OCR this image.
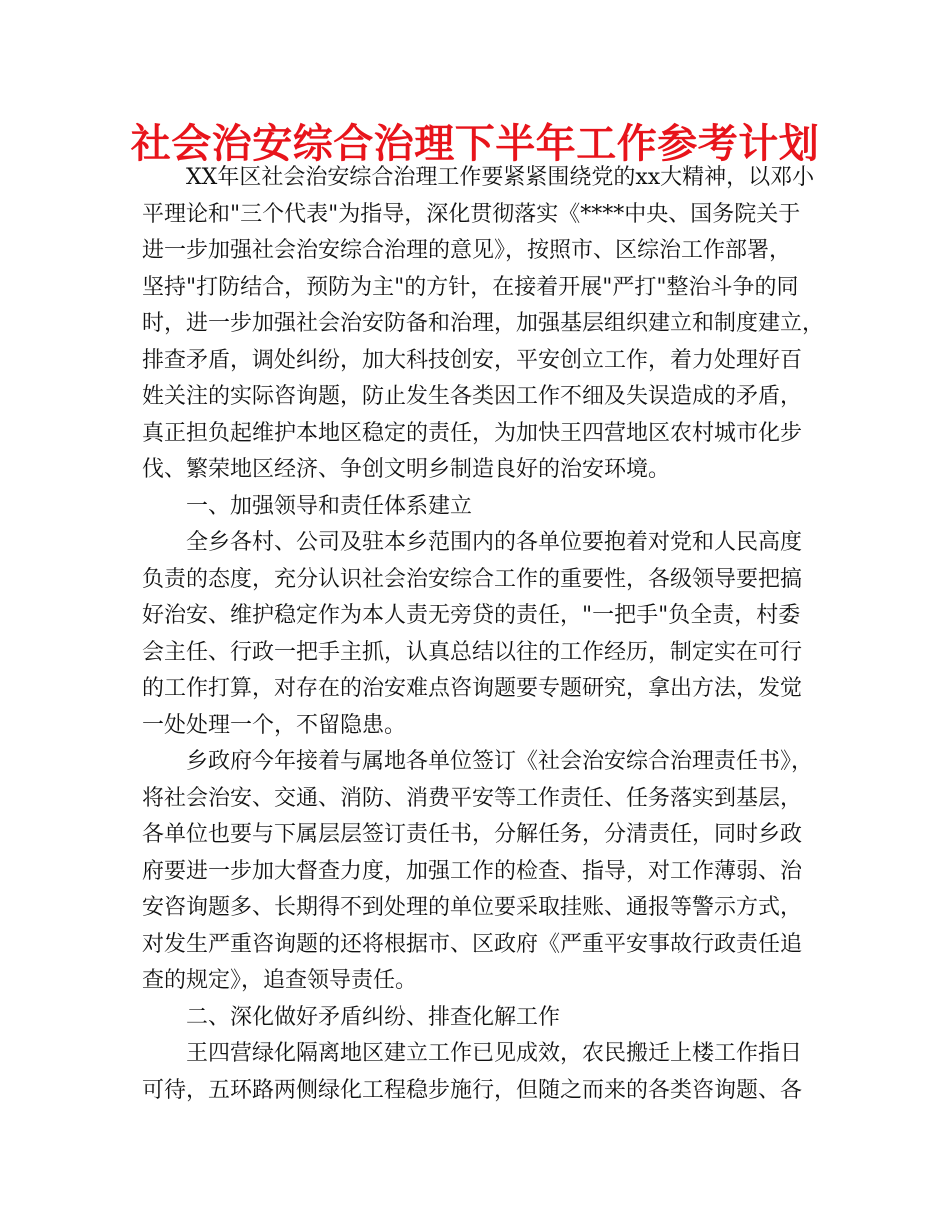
社会治安综合治理下半年工作参考计划
XX年区社会治安综合治理工作要紧紧围绕党的xx大精神，以邓小
平理论和"三个代表"为指导，深化贯彻落实《****中央、国务院关于
进一步加强社会治安综合治理的意见》，按照市、区综治工作部署，
坚持"打防结合，预防为主"的方针，在接着开展"严打"整治斗争的同
时，进一步加强社会治安防备和治理，加强基层组织建立和制度建立，
排查矛盾，调处纠纷，加大科技创安，平安创立工作，着力处理好百
姓关注的实际咨询题，防止发生各类因工作不细及失误造成的矛盾，
真正担负起维护本地区稳定的责任，为加快王四营地区农村城市化步
伐、繁荣地区经济、争创文明乡制造良好的治安环境。
一、加强领导和责任体系建立
全乡各村、公司及驻本乡范围内的各单位要抱着对党和人民高度
负责的态度，充分认识社会治安综合工作的重要性，各级领导要把搞
好治安、维护稳定作为本人责无旁贷的责任，"一把手"负全责，村委
会主任、行政一把手主抓，认真总结以往的工作经历，制定实在可行
的工作打算，对存在的治安难点咨询题要专题研究，拿出方法，发觉
一处处理一个，不留隐患。
乡政府今年接着与属地各单位签订《社会治安综合治理责任书》，
将社会治安、交通、消防、消费平安等工作责任、任务落实到基层，
各单位也要与下属层层签订责任书，分解任务，分清责任，同时乡政
府要进一步加大督查力度，加强工作的检查、指导，对工作薄弱、治
安咨询题多、长期得不到处理的单位要采取挂账、通报等警示方式，
对发生严重咨询题的还将根据市、区政府《严重平安事故行政责任追
查的规定》，追查领导责任。
二、深化做好矛盾纠纷、排查化解工作
王四营绿化隔离地区建立工作已见成效，农民搬迁上楼工作指日
可待，五环路两侧绿化工程稳步施行，但随之而来的各类咨询题、各
